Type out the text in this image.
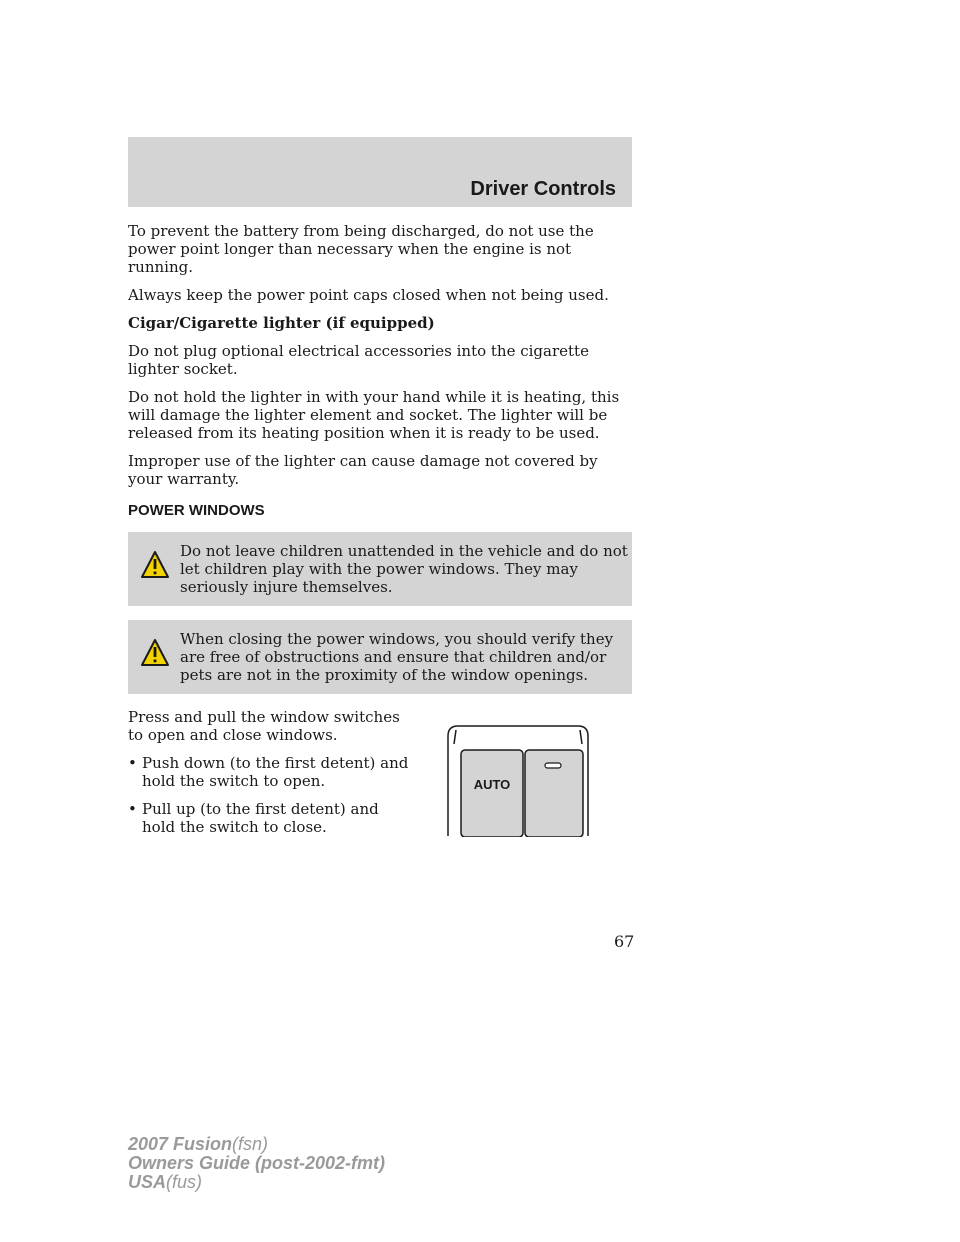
Driver Controls

To prevent the battery from being discharged, do not use the power point longer than necessary when the engine is not running.

Always keep the power point caps closed when not being used.

Cigar/Cigarette lighter (if equipped)

Do not plug optional electrical accessories into the cigarette lighter socket.

Do not hold the lighter in with your hand while it is heating, this will damage the lighter element and socket. The lighter will be released from its heating position when it is ready to be used.

Improper use of the lighter can cause damage not covered by your warranty.

POWER WINDOWS
Do not leave children unattended in the vehicle and do not let children play with the power windows. They may seriously injure themselves.
When closing the power windows, you should verify they are free of obstructions and ensure that children and/or pets are not in the proximity of the window openings.

Press and pull the window switches to open and close windows.

• Push down (to the first detent) and hold the switch to open.
• Pull up (to the first detent) and hold the switch to close.
AUTO
67
2007 Fusion(fsn)
Owners Guide (post-2002-fmt)
USA(fus)
